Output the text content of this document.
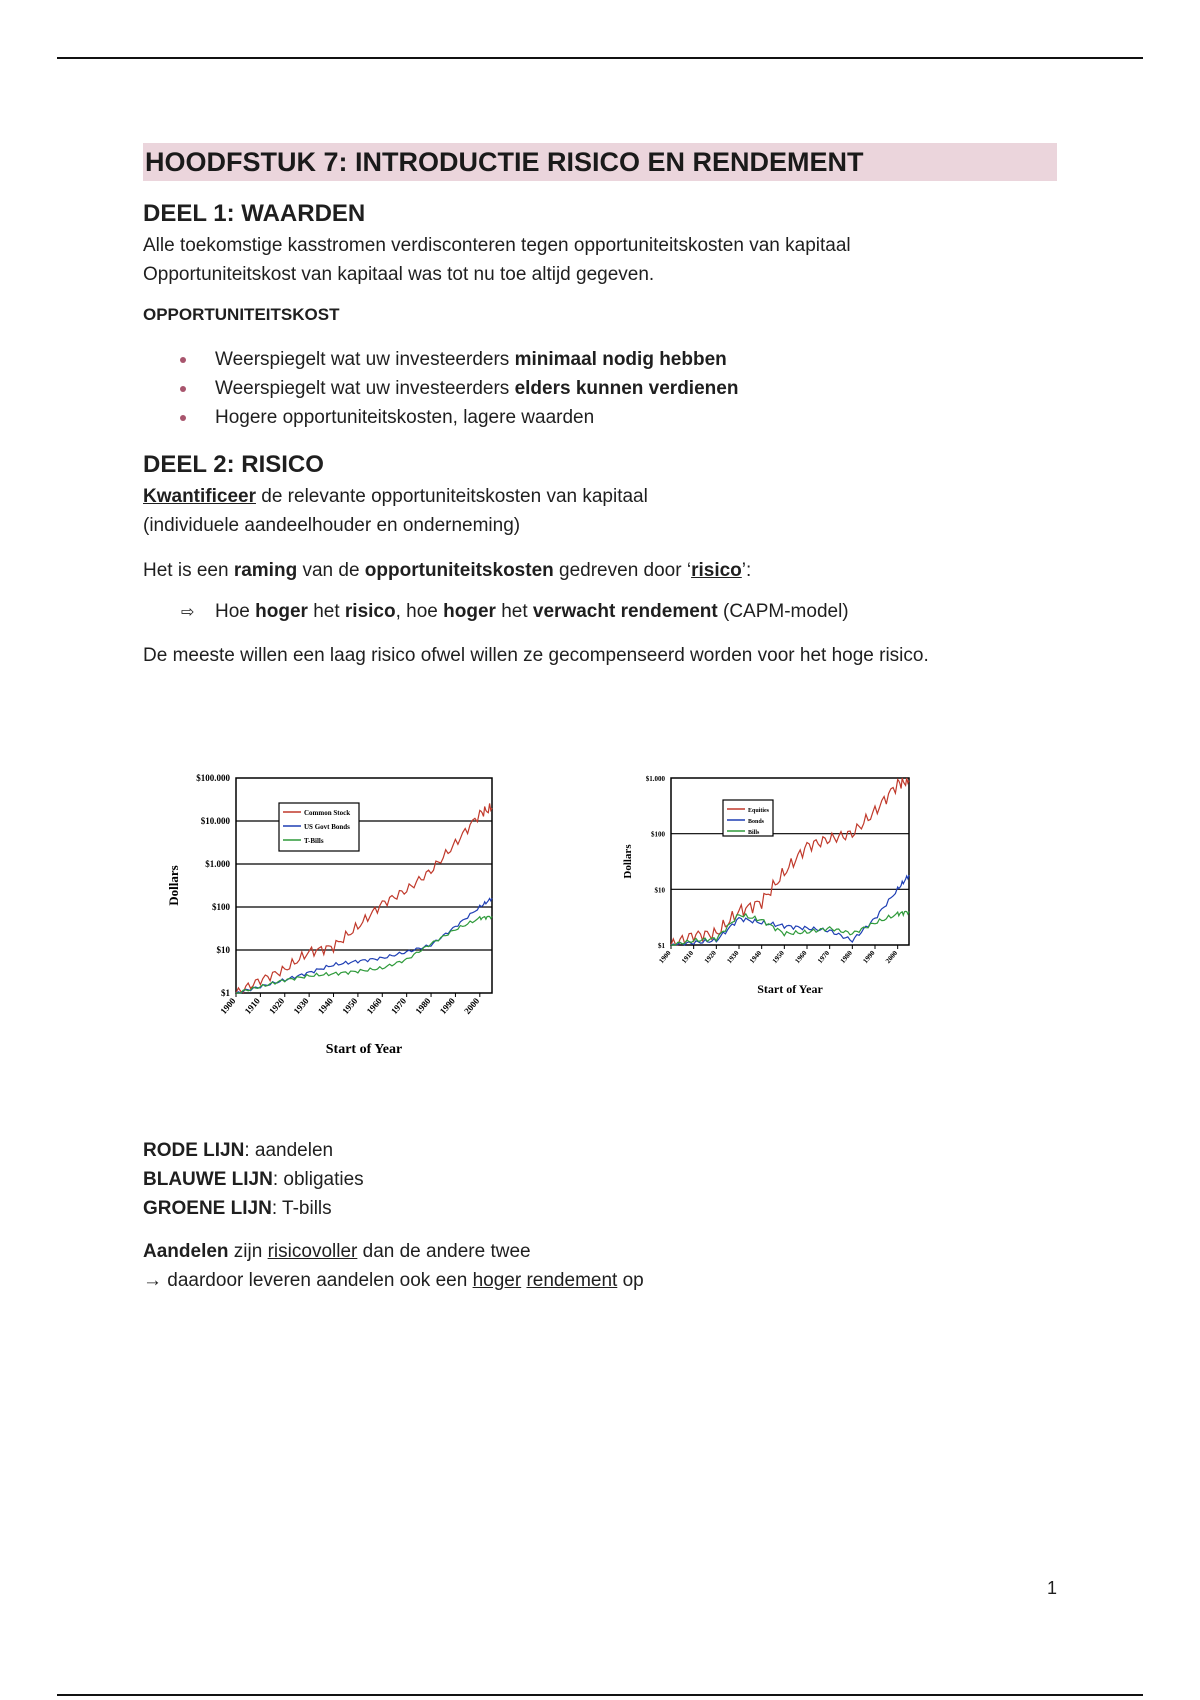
HOODFSTUK 7: INTRODUCTIE RISICO EN RENDEMENT
DEEL 1: WAARDEN

Alle toekomstige kasstromen verdisconteren tegen opportuniteitskosten van kapitaal

Opportuniteitskost van kapitaal was tot nu toe altijd gegeven.

OPPORTUNITEITSKOST
Weerspiegelt wat uw investeerders minimaal nodig hebben
Weerspiegelt wat uw investeerders elders kunnen verdienen
Hogere opportuniteitskosten, lagere waarden
DEEL 2: RISICO

Kwantificeer de relevante opportuniteitskosten van kapitaal

(individuele aandeelhouder en onderneming)

Het is een raming van de opportuniteitskosten gedreven door ‘risico’:

⇨ Hoe hoger het risico, hoe hoger het verwacht rendement (CAPM-model)

De meeste willen een laag risico ofwel willen ze gecompenseerd worden voor het hoge risico.

$1
$10
$100
$1.000
$10.000
$100.000
1900 1910 1920 1930 1940 1950 1960 1970 1980 1990 2000
Start of Year
Dollars
Common Stock
US Govt Bonds
T-Bills
$1
$10
$100
$1.000
1900 1910 1920 1930 1940 1950 1960 1970 1980 1990 2000
Start of Year
Dollars
Equities
Bonds
Bills

RODE LIJN: aandelen

BLAUWE LIJN: obligaties

GROENE LIJN: T-bills

Aandelen zijn risicovoller dan de andere twee

→ daardoor leveren aandelen ook een hoger rendement op

1
